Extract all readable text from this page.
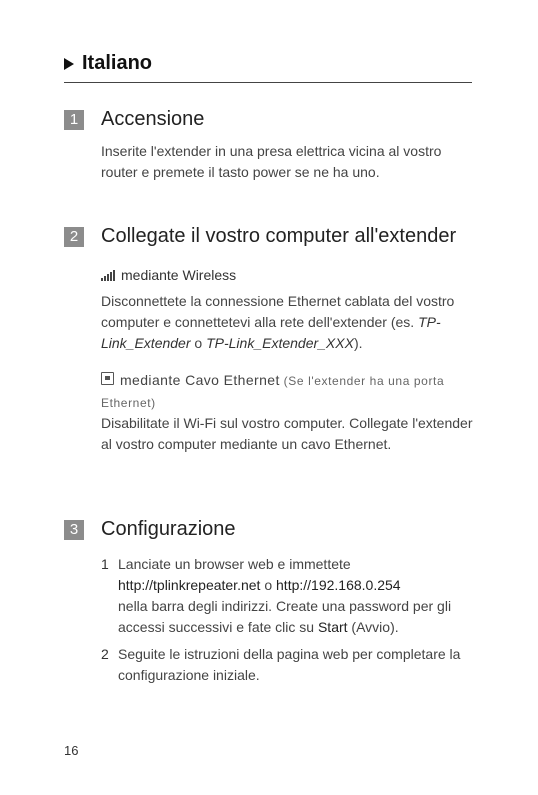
Italiano
1 Accensione
Inserite l'extender in una presa elettrica vicina al vostro router e premete il tasto power se ne ha uno.
2 Collegate il vostro computer all'extender
mediante Wireless
Disconnettete la connessione Ethernet cablata del vostro computer e connettetevi alla rete dell'extender (es. TP-Link_Extender o TP-Link_Extender_XXX).
mediante Cavo Ethernet (Se l'extender ha una porta Ethernet)
Disabilitate il Wi-Fi sul vostro computer. Collegate l'extender al vostro computer mediante un cavo Ethernet.
3 Configurazione
1 Lanciate un browser web e immettete
http://tplinkrepeater.net o http://192.168.0.254
nella barra degli indirizzi. Create una password per gli accessi successivi e fate clic su Start (Avvio).
2 Seguite le istruzioni della pagina web per completare la configurazione iniziale.
16
